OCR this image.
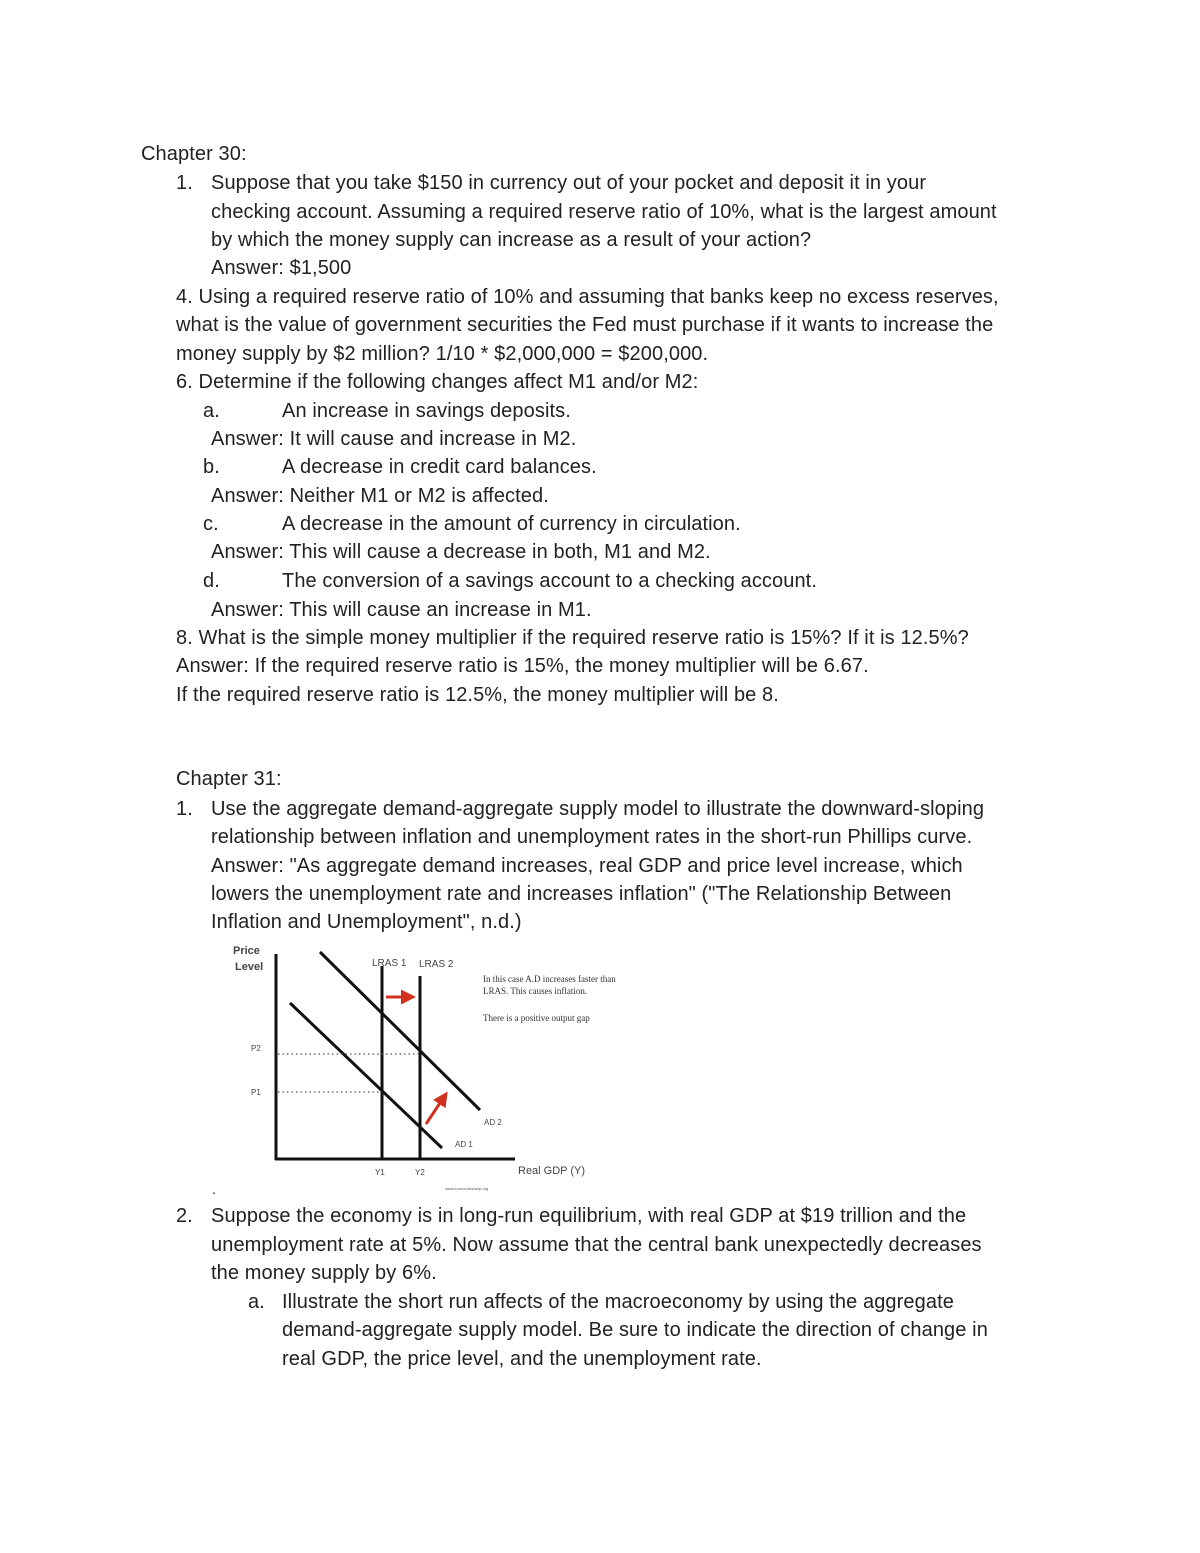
Chapter 30:
1. Suppose that you take $150 in currency out of your pocket and deposit it in your
checking account. Assuming a required reserve ratio of 10%, what is the largest amount
by which the money supply can increase as a result of your action?
Answer: $1,500
4. Using a required reserve ratio of 10% and assuming that banks keep no excess reserves,
what is the value of government securities the Fed must purchase if it wants to increase the
money supply by $2 million? 1/10 * $2,000,000 = $200,000.
6. Determine if the following changes affect M1 and/or M2:
a.	An increase in savings deposits.
Answer: It will cause and increase in M2.
b.	A decrease in credit card balances.
Answer: Neither M1 or M2 is affected.
c.	A decrease in the amount of currency in circulation.
Answer: This will cause a decrease in both, M1 and M2.
d.	The conversion of a savings account to a checking account.
Answer: This will cause an increase in M1.
8. What is the simple money multiplier if the required reserve ratio is 15%? If it is 12.5%?
Answer: If the required reserve ratio is 15%, the money multiplier will be 6.67.
If the required reserve ratio is 12.5%, the money multiplier will be 8.
Chapter 31:
1. Use the aggregate demand-aggregate supply model to illustrate the downward-sloping
relationship between inflation and unemployment rates in the short-run Phillips curve.
Answer: "As aggregate demand increases, real GDP and price level increase, which
lowers the unemployment rate and increases inflation" ("The Relationship Between
Inflation and Unemployment", n.d.)
Price
Level
Real GDP (Y)
LRAS 1 LRAS 2
AD 2
AD 1
P2
P1
Y1	Y2
In this case A.D increases faster than
LRAS. This causes inflation.
There is a positive output gap
www.economicshelp.org
.
2. Suppose the economy is in long-run equilibrium, with real GDP at $19 trillion and the
unemployment rate at 5%. Now assume that the central bank unexpectedly decreases
the money supply by 6%.
a. Illustrate the short run affects of the macroeconomy by using the aggregate
demand-aggregate supply model. Be sure to indicate the direction of change in
real GDP, the price level, and the unemployment rate.
